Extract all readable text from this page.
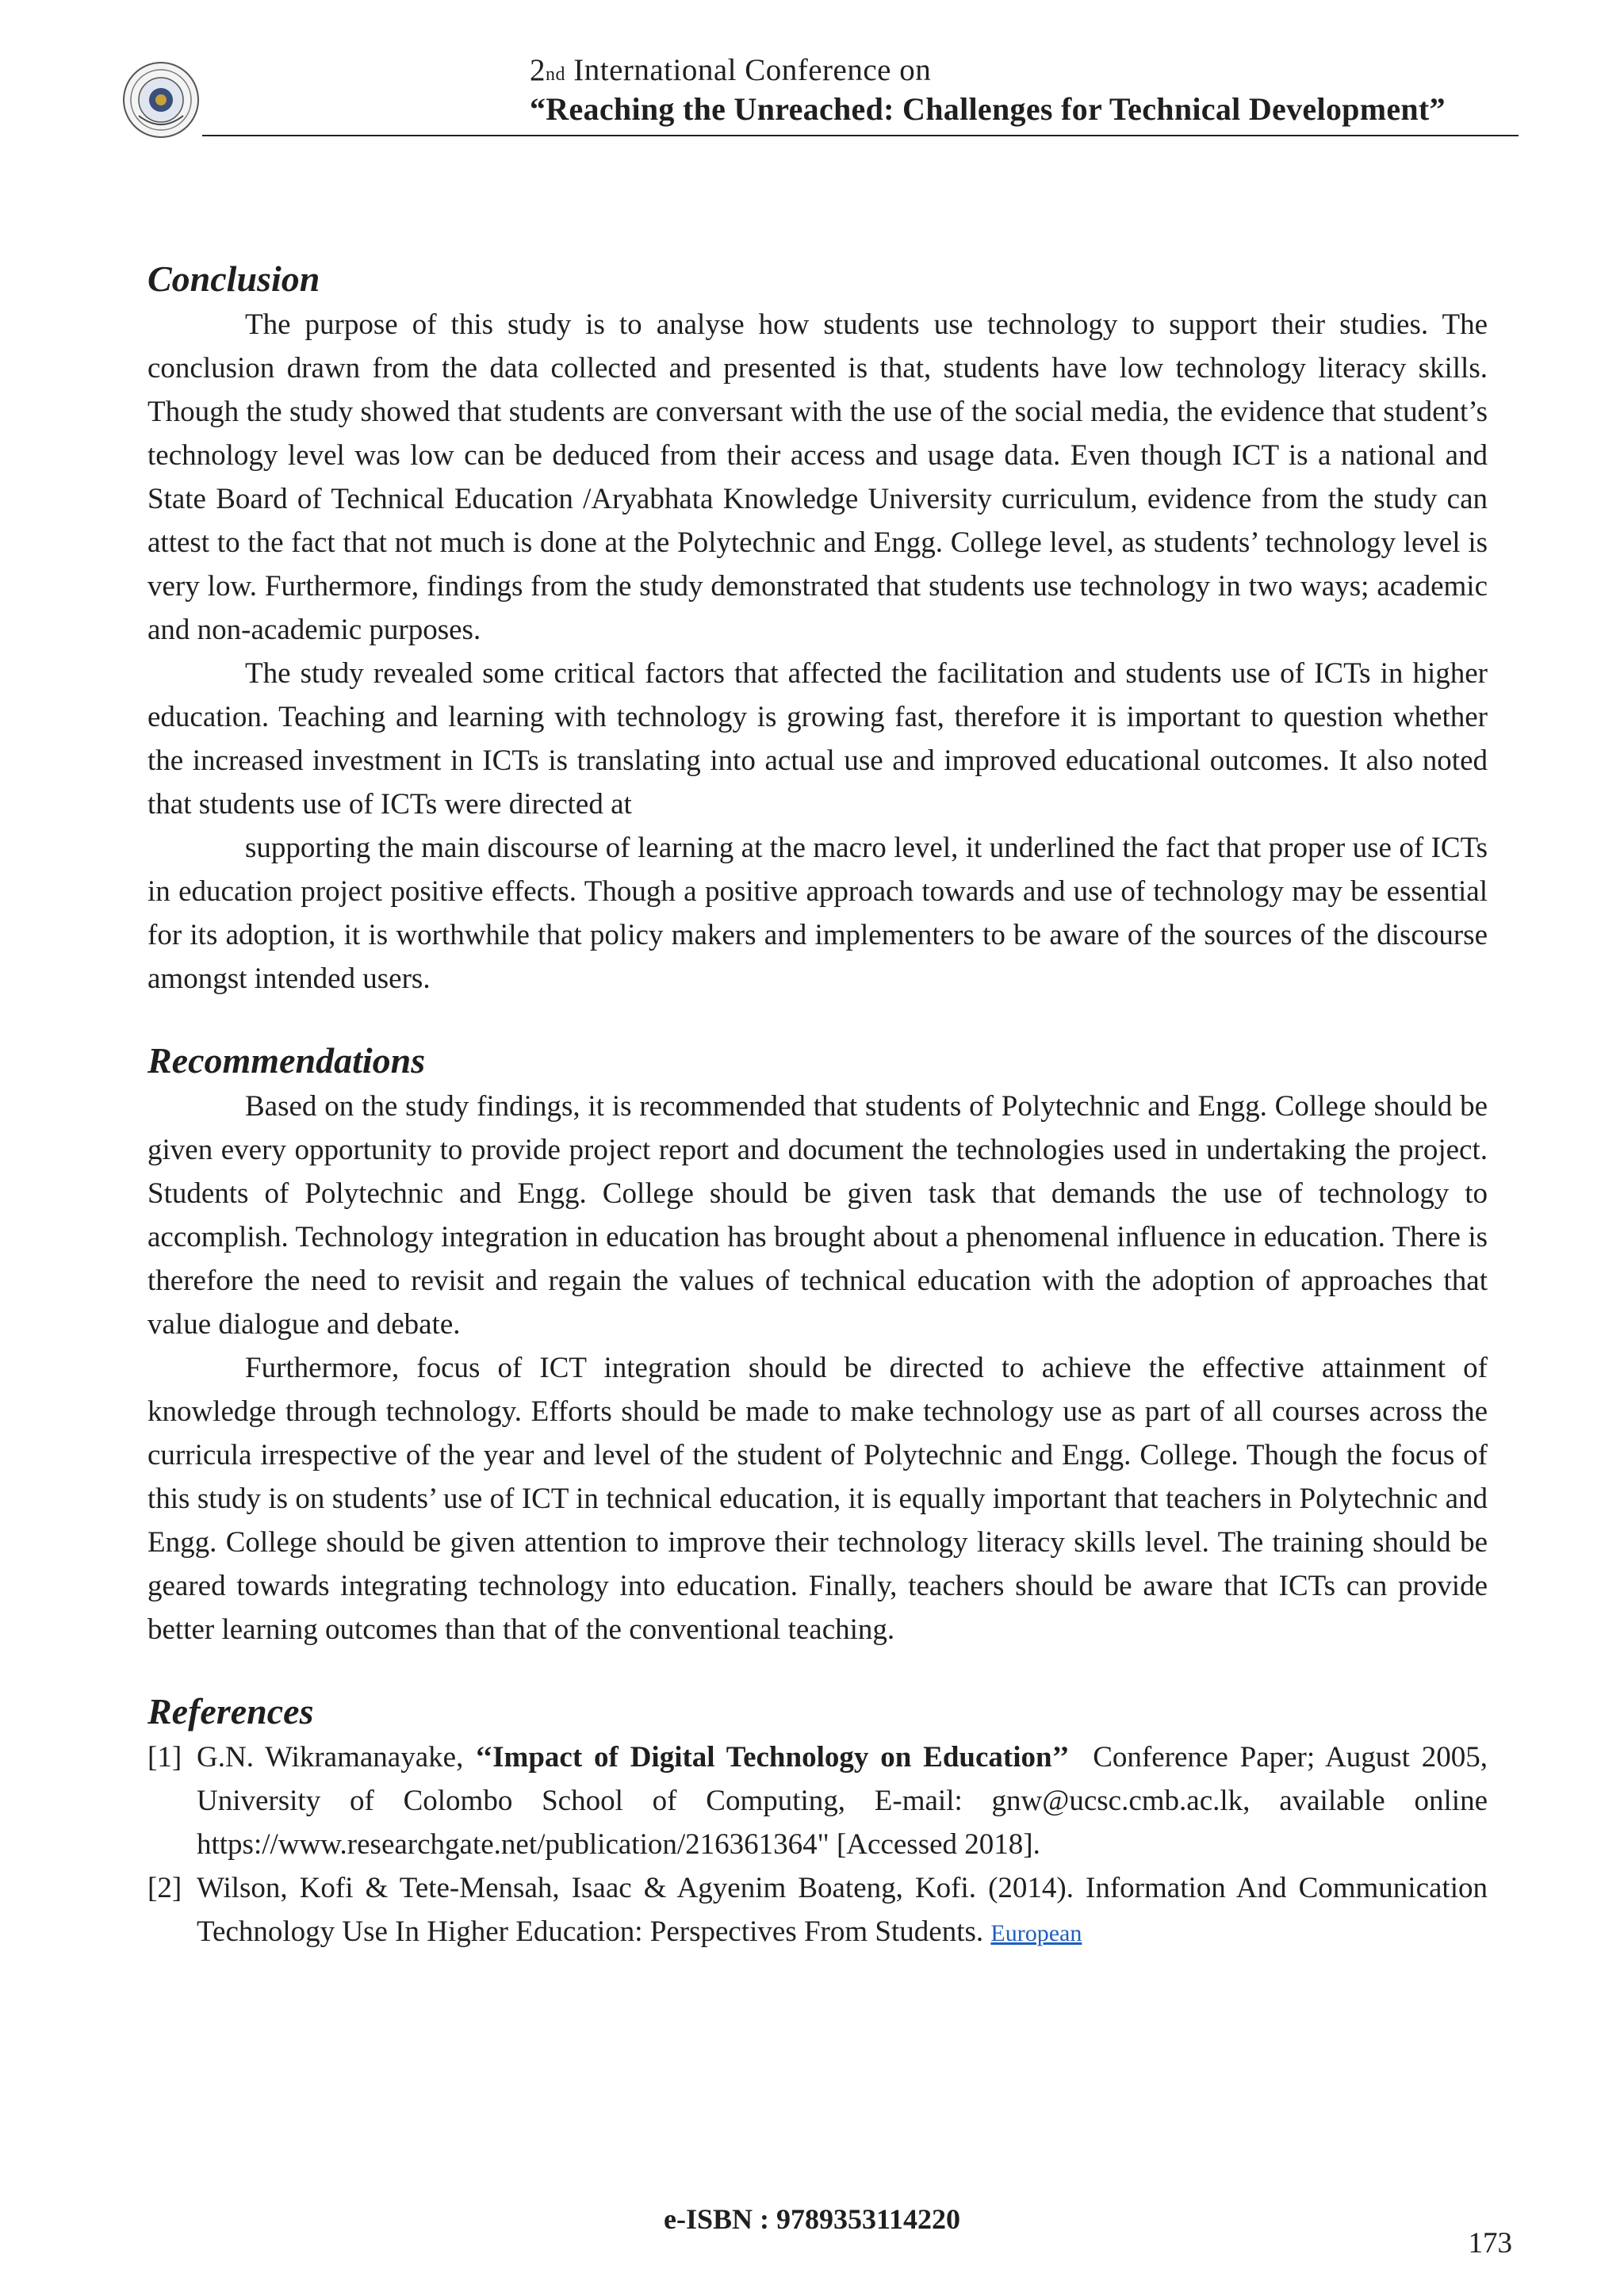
2nd International Conference on
“Reaching the Unreached: Challenges for Technical Development”
Conclusion

The purpose of this study is to analyse how students use technology to support their studies. The conclusion drawn from the data collected and presented is that, students have low technology literacy skills. Though the study showed that students are conversant with the use of the social media, the evidence that student’s technology level was low can be deduced from their access and usage data. Even though ICT is a national and State Board of Technical Education /Aryabhata Knowledge University curriculum, evidence from the study can attest to the fact that not much is done at the Polytechnic and Engg. College level, as students’ technology level is very low. Furthermore, findings from the study demonstrated that students use technology in two ways; academic and non-academic purposes.

The study revealed some critical factors that affected the facilitation and students use of ICTs in higher education. Teaching and learning with technology is growing fast, therefore it is important to question whether the increased investment in ICTs is translating into actual use and improved educational outcomes. It also noted that students use of ICTs were directed at

supporting the main discourse of learning at the macro level, it underlined the fact that proper use of ICTs in education project positive effects. Though a positive approach towards and use of technology may be essential for its adoption, it is worthwhile that policy makers and implementers to be aware of the sources of the discourse amongst intended users.

Recommendations

Based on the study findings, it is recommended that students of Polytechnic and Engg. College should be given every opportunity to provide project report and document the technologies used in undertaking the project. Students of Polytechnic and Engg. College should be given task that demands the use of technology to accomplish. Technology integration in education has brought about a phenomenal influence in education. There is therefore the need to revisit and regain the values of technical education with the adoption of approaches that value dialogue and debate.

Furthermore, focus of ICT integration should be directed to achieve the effective attainment of knowledge through technology. Efforts should be made to make technology use as part of all courses across the curricula irrespective of the year and level of the student of Polytechnic and Engg. College. Though the focus of this study is on students’ use of ICT in technical education, it is equally important that teachers in Polytechnic and Engg. College should be given attention to improve their technology literacy skills level. The training should be geared towards integrating technology into education. Finally, teachers should be aware that ICTs can provide better learning outcomes than that of the conventional teaching.

References
[1] G.N. Wikramanayake, ‘‘Impact of Digital Technology on Education’’ Conference Paper; August 2005, University of Colombo School of Computing, E-mail: gnw@ucsc.cmb.ac.lk, available online https://www.researchgate.net/publication/216361364" [Accessed 2018].
[2] Wilson, Kofi & Tete-Mensah, Isaac & Agyenim Boateng, Kofi. (2014). Information And Communication Technology Use In Higher Education: Perspectives From Students. European
e-ISBN : 9789353114220
173
